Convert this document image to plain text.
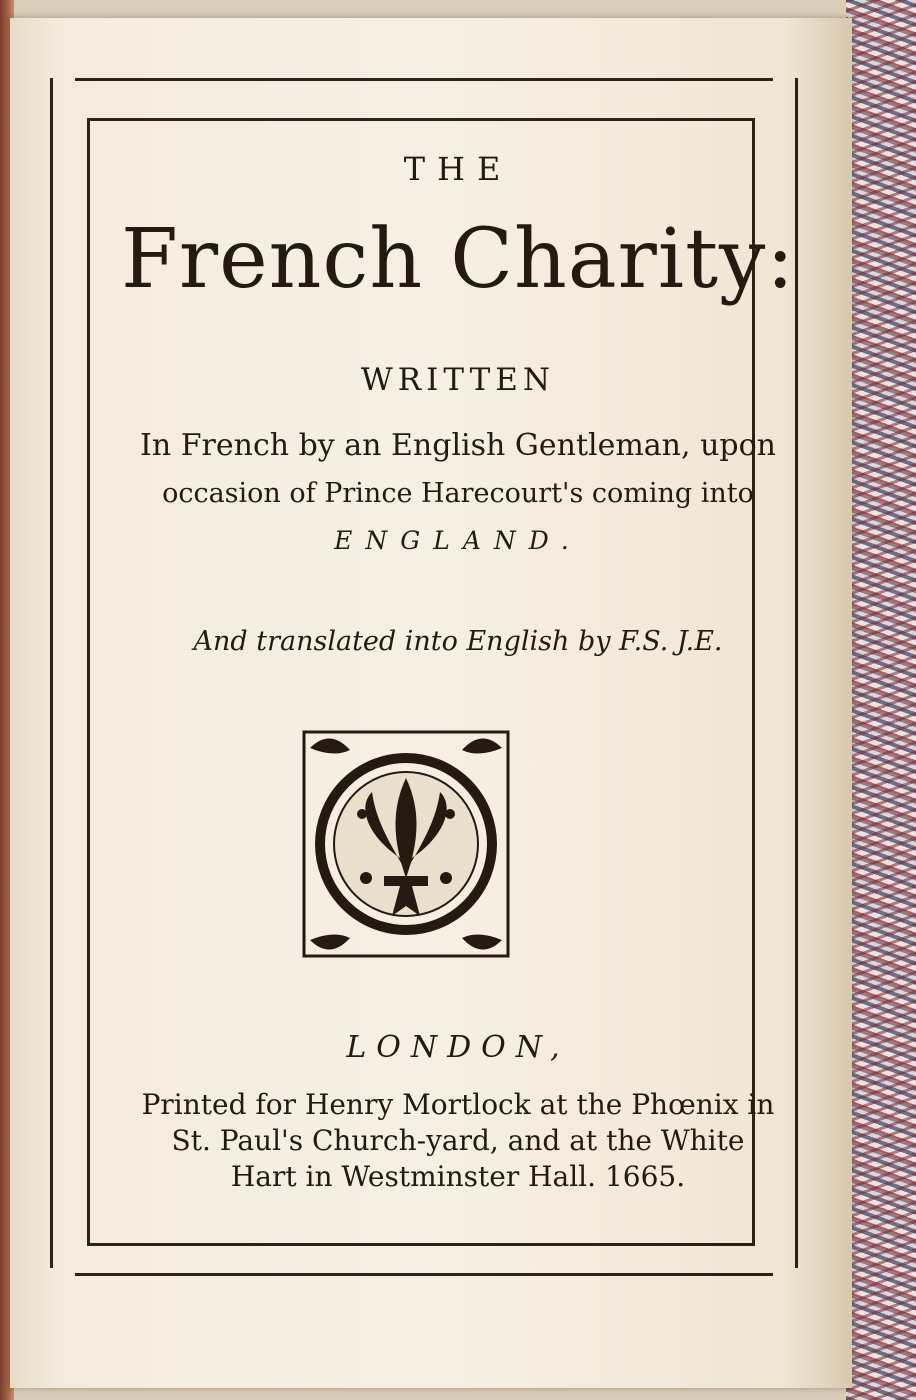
THE
French Charity:
WRITTEN
In French by an English Gentleman, upon
occasion of Prince Harecourt's coming into
ENGLAND.
And translated into English by F.S. J.E.
LONDON,
Printed for Henry Mortlock at the Phœnix in
St. Paul's Church-yard, and at the White
Hart in Westminster Hall. 1665.
